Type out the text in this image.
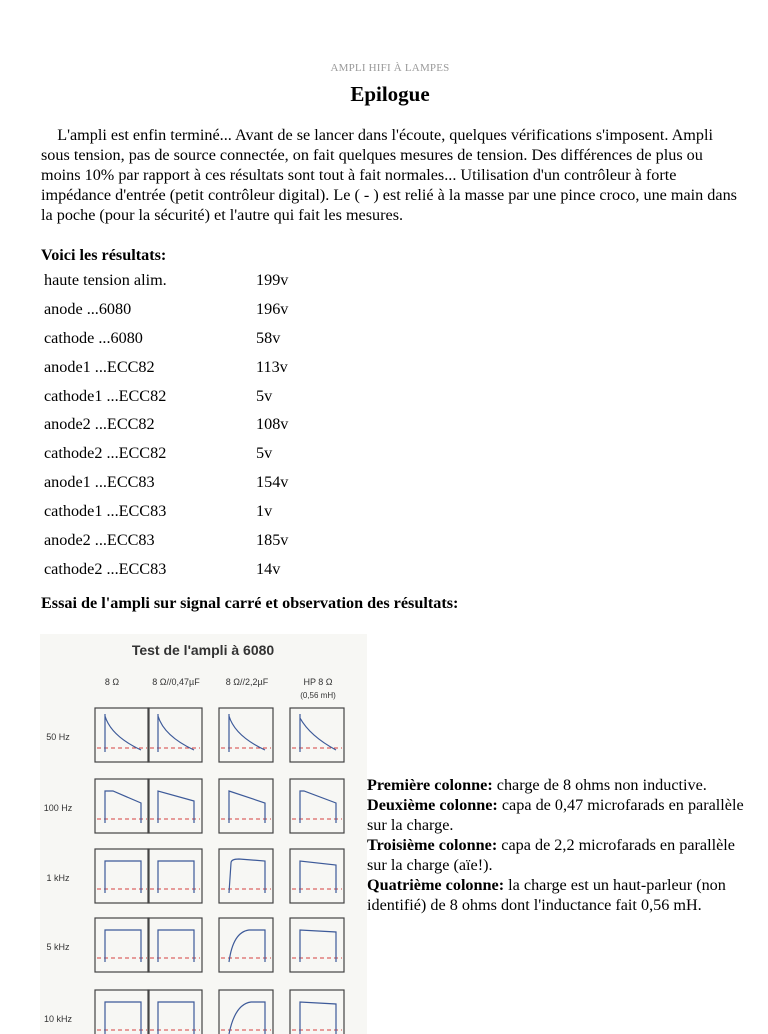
AMPLI HIFI À LAMPES
Epilogue

L'ampli est enfin terminé... Avant de se lancer dans l'écoute, quelques vérifications s'imposent. Ampli sous tension, pas de source connectée, on fait quelques mesures de tension. Des différences de plus ou moins 10% par rapport à ces résultats sont tout à fait normales... Utilisation d'un contrôleur à forte impédance d'entrée (petit contrôleur digital). Le ( - ) est relié à la masse par une pince croco, une main dans la poche (pour la sécurité) et l'autre qui fait les mesures.

Voici les résultats:
haute tension alim.	199v
anode ...6080	196v
cathode ...6080	58v
anode1 ...ECC82	113v
cathode1 ...ECC82	5v
anode2 ...ECC82	108v
cathode2 ...ECC82	5v
anode1 ...ECC83	154v
cathode1 ...ECC83	1v
anode2 ...ECC83	185v
cathode2 ...ECC83	14v
Essai de l'ampli sur signal carré et observation des résultats:
Test de l'ampli à 6080
8 Ω	8 Ω//0,47µF	8 Ω//2,2µF	HP 8 Ω
(0,56 mH)
50 Hz
100 Hz
1 kHz
5 kHz
10 kHz

Première colonne: charge de 8 ohms non inductive.

Deuxième colonne: capa de 0,47 microfarads en parallèle sur la charge.

Troisième colonne: capa de 2,2 microfarads en parallèle sur la charge (aïe!).

Quatrième colonne: la charge est un haut-parleur (non identifié) de 8 ohms dont l'inductance fait 0,56 mH.
